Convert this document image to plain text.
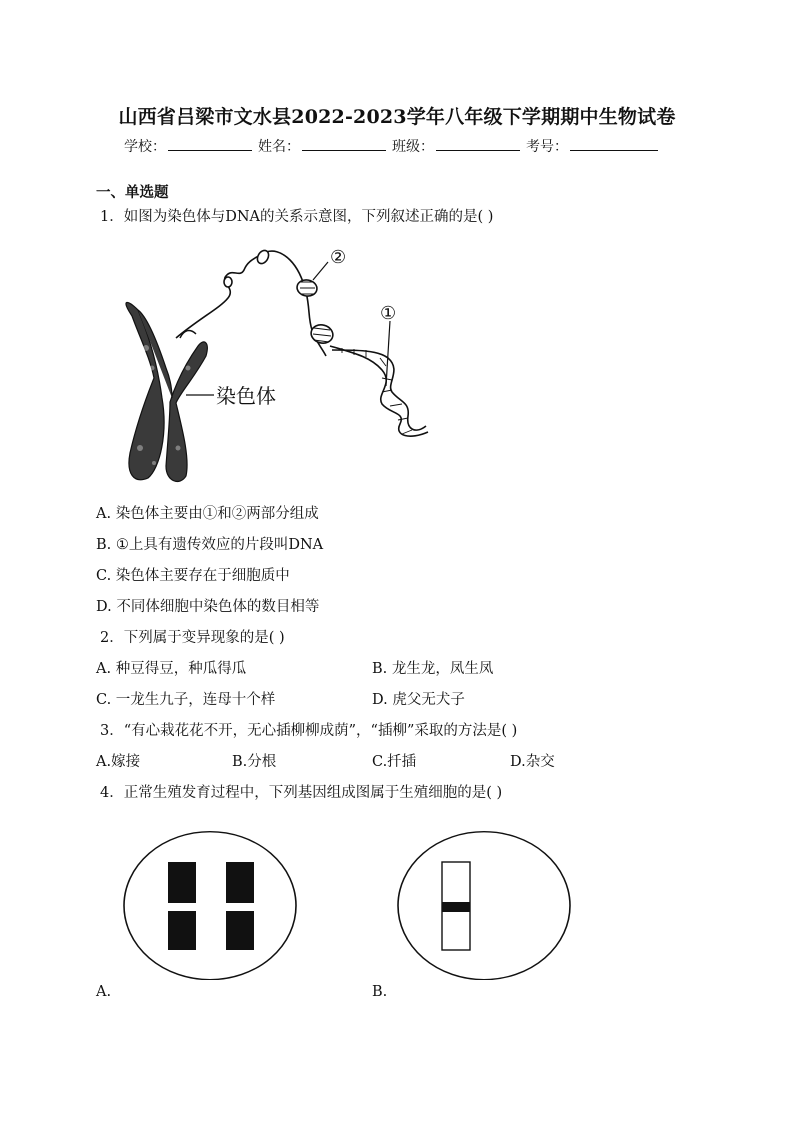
山西省吕梁市文水县2022-2023学年八年级下学期期中生物试卷
学校：	姓名：	班级：	考号：
一、单选题
1．如图为染色体与DNA的关系示意图，下列叙述正确的是( )
染色体
②
①
A. 染色体主要由①和②两部分组成
B. ①上具有遗传效应的片段叫DNA
C. 染色体主要存在于细胞质中
D. 不同体细胞中染色体的数目相等
2．下列属于变异现象的是( )
A. 种豆得豆，种瓜得瓜	B. 龙生龙，凤生凤
C. 一龙生九子，连母十个样	D. 虎父无犬子
3．“有心栽花花不开，无心插柳柳成荫”，“插柳”采取的方法是( )
A.嫁接	B.分根	C.扦插	D.杂交
4．正常生殖发育过程中，下列基因组成图属于生殖细胞的是( )
A.	B.
